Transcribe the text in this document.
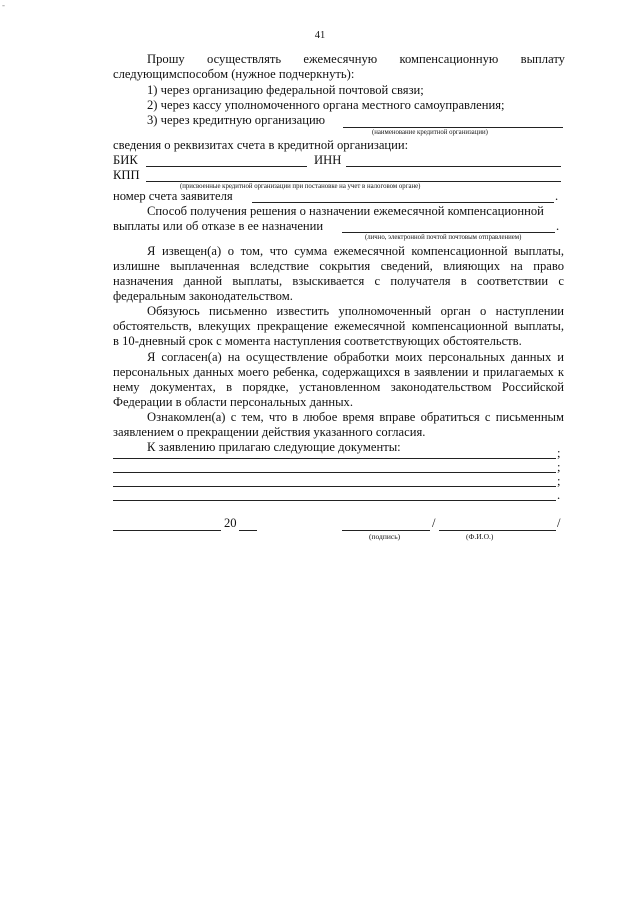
-
41
Прошу осуществлять ежемесячную компенсационную выплату
следующимспособом (нужное подчеркнуть):
1) через организацию федеральной почтовой связи;
2) через кассу уполномоченного органа местного самоуправления;
3) через кредитную организацию
(наименование кредитной организации)
сведения о реквизитах счета в кредитной организации:
БИК	ИНН
КПП
(присвоенные кредитной организации при постановке на учет в налоговом органе)
номер счета заявителя	.
Способ получения решения о назначении ежемесячной компенсационной
выплаты или об отказе в ее назначении	.
(лично, электронной почтой почтовым отправлением)
Я извещен(а) о том, что сумма ежемесячной компенсационной выплаты,
излишне выплаченная вследствие сокрытия сведений, влияющих на право
назначения данной выплаты, взыскивается с получателя в соответствии с
федеральным законодательством.
Обязуюсь письменно известить уполномоченный орган о наступлении
обстоятельств, влекущих прекращение ежемесячной компенсационной выплаты,
в 10-дневный срок с момента наступления соответствующих обстоятельств.
Я согласен(а) на осуществление обработки моих персональных данных и
персональных данных моего ребенка, содержащихся в заявлении и прилагаемых к
нему документах, в порядке, установленном законодательством Российской
Федерации в области персональных данных.
Ознакомлен(а) с тем, что в любое время вправе обратиться с письменным
заявлением о прекращении действия указанного согласия.
К заявлению прилагаю следующие документы:	;
;
;
.
20	/	/
(подпись)	(Ф.И.О.)
